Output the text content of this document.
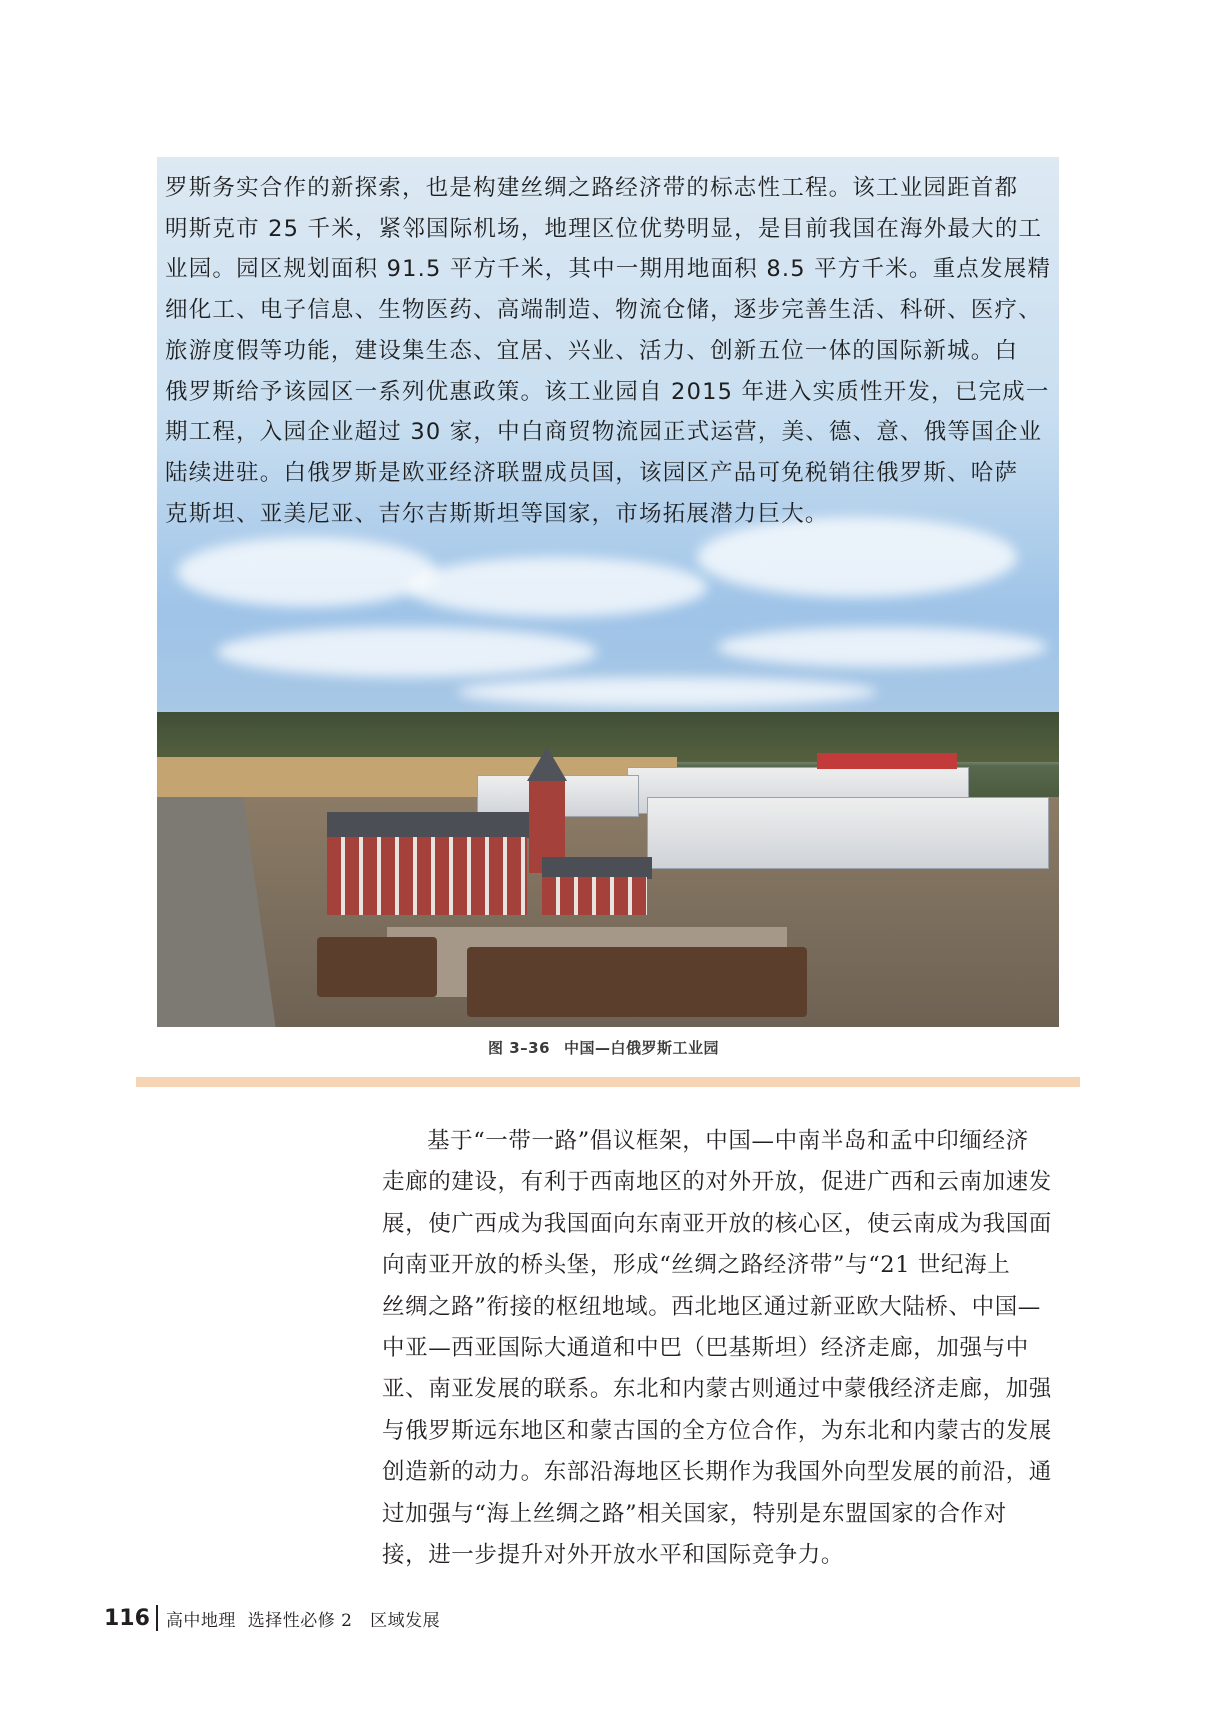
罗斯务实合作的新探索，也是构建丝绸之路经济带的标志性工程。该工业园距首都
明斯克市 25 千米，紧邻国际机场，地理区位优势明显，是目前我国在海外最大的工
业园。园区规划面积 91.5 平方千米，其中一期用地面积 8.5 平方千米。重点发展精
细化工、电子信息、生物医药、高端制造、物流仓储，逐步完善生活、科研、医疗、
旅游度假等功能，建设集生态、宜居、兴业、活力、创新五位一体的国际新城。白
俄罗斯给予该园区一系列优惠政策。该工业园自 2015 年进入实质性开发，已完成一
期工程，入园企业超过 30 家，中白商贸物流园正式运营，美、德、意、俄等国企业
陆续进驻。白俄罗斯是欧亚经济联盟成员国，该园区产品可免税销往俄罗斯、哈萨
克斯坦、亚美尼亚、吉尔吉斯斯坦等国家，市场拓展潜力巨大。
图 3–36 中国—白俄罗斯工业园
基于“一带一路”倡议框架，中国—中南半岛和孟中印缅经济
走廊的建设，有利于西南地区的对外开放，促进广西和云南加速发
展，使广西成为我国面向东南亚开放的核心区，使云南成为我国面
向南亚开放的桥头堡，形成“丝绸之路经济带”与“21 世纪海上
丝绸之路”衔接的枢纽地域。西北地区通过新亚欧大陆桥、中国—
中亚—西亚国际大通道和中巴（巴基斯坦）经济走廊，加强与中
亚、南亚发展的联系。东北和内蒙古则通过中蒙俄经济走廊，加强
与俄罗斯远东地区和蒙古国的全方位合作，为东北和内蒙古的发展
创造新的动力。东部沿海地区长期作为我国外向型发展的前沿，通
过加强与“海上丝绸之路”相关国家，特别是东盟国家的合作对
接，进一步提升对外开放水平和国际竞争力。
116 高中地理  选择性必修 2   区域发展
